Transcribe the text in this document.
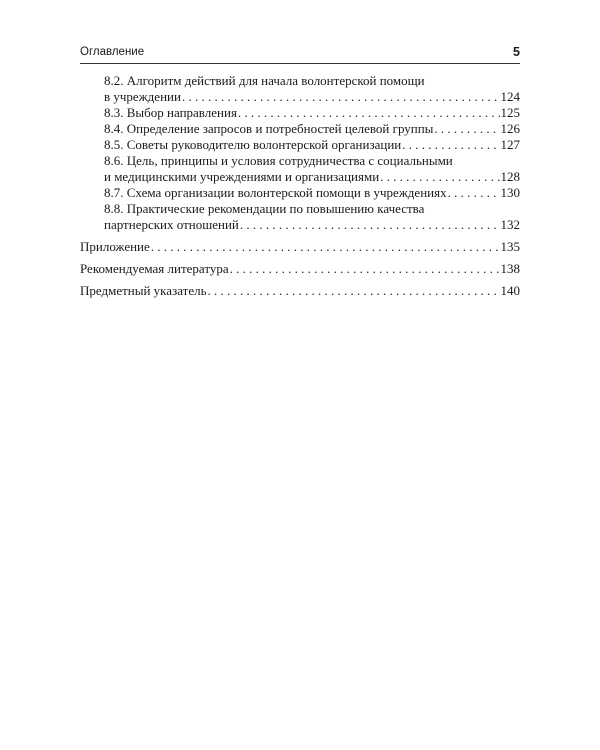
Оглавление	5
8.2. Алгоритм действий для начала волонтерской помощи
в учреждении . . .	124
8.3. Выбор направления . . .	125
8.4. Определение запросов и потребностей целевой группы . . .	126
8.5. Советы руководителю волонтерской организации . . .	127
8.6. Цель, принципы и условия сотрудничества с социальными
и медицинскими учреждениями и организациями . . .	128
8.7. Схема организации волонтерской помощи в учреждениях . . .	130
8.8. Практические рекомендации по повышению качества
партнерских отношений . . .	132
Приложение . . .	135
Рекомендуемая литература . . .	138
Предметный указатель . . .	140
